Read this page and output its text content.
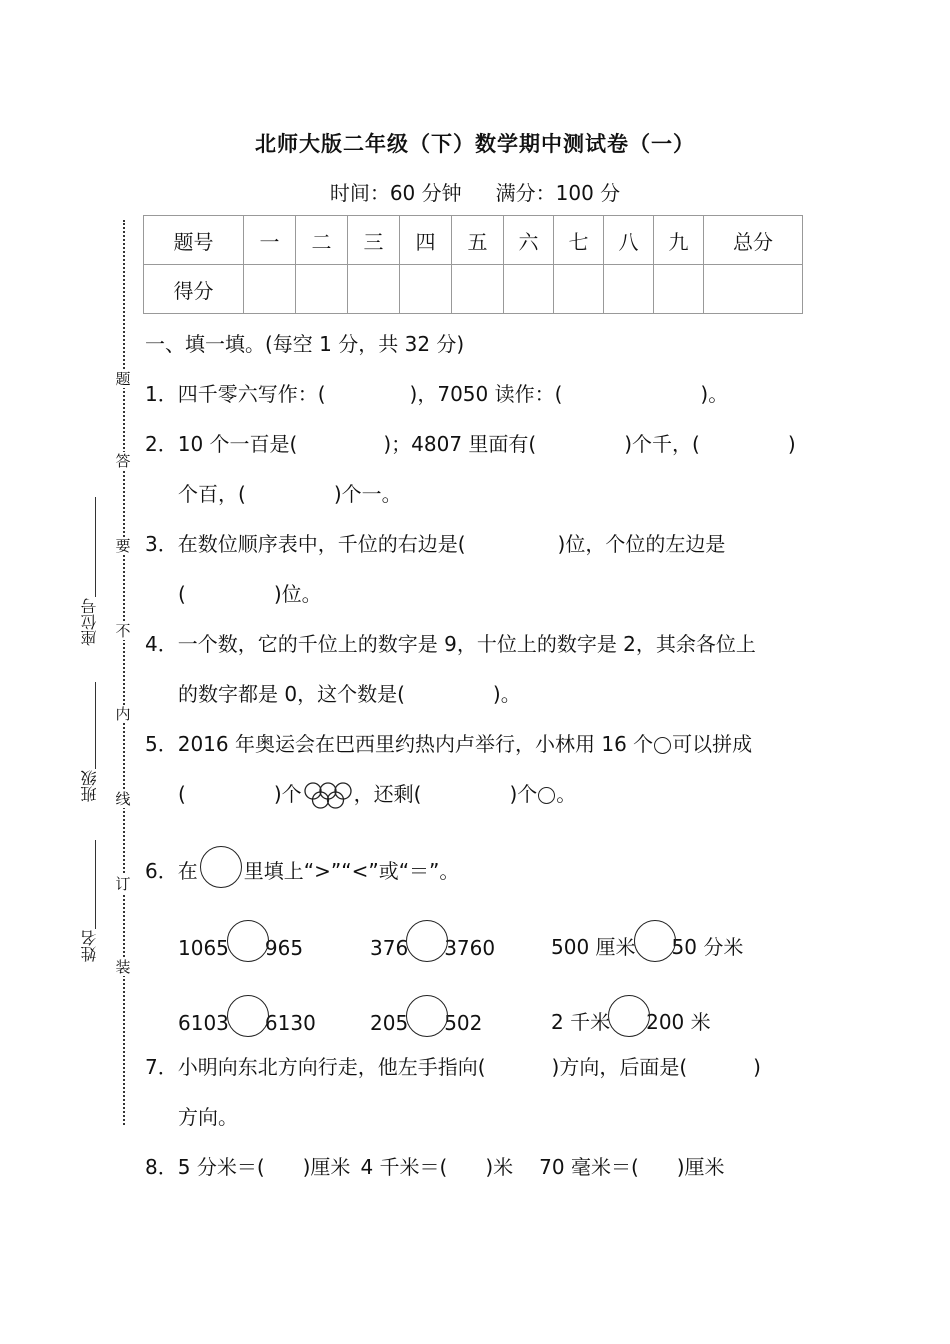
北师大版二年级（下）数学期中测试卷（一）
时间：60 分钟 满分：100 分
题号	一	二	三	四	五	六	七	八	九	总分
得分										
题
答
要
不
内
线
订
装
座位号
班级
姓名
一、填一填。(每空 1 分，共 32 分)
1．四千零六写作：(	)，7050 读作：(	)。
2．10 个一百是(	)；4807 里面有(	)个千，(	)
个百，(	)个一。
3．在数位顺序表中，千位的右边是(	)位，个位的左边是
(	)位。
4．一个数，它的千位上的数字是 9，十位上的数字是 2，其余各位上
的数字都是 0，这个数是(	)。
5．2016 年奥运会在巴西里约热内卢举行，小林用 16 个 可以拼成
(	)个	，还剩(	)个 。
6．在 里填上“>”“<”或“＝”。
1065 965	376 3760	500 厘米 50 分米
6103 6130	205 502	2 千米 200 米
7．小明向东北方向行走，他左手指向(	)方向，后面是(	)
方向。
8．5 分米＝( )厘米 4 千米＝( )米 70 毫米＝( )厘米
